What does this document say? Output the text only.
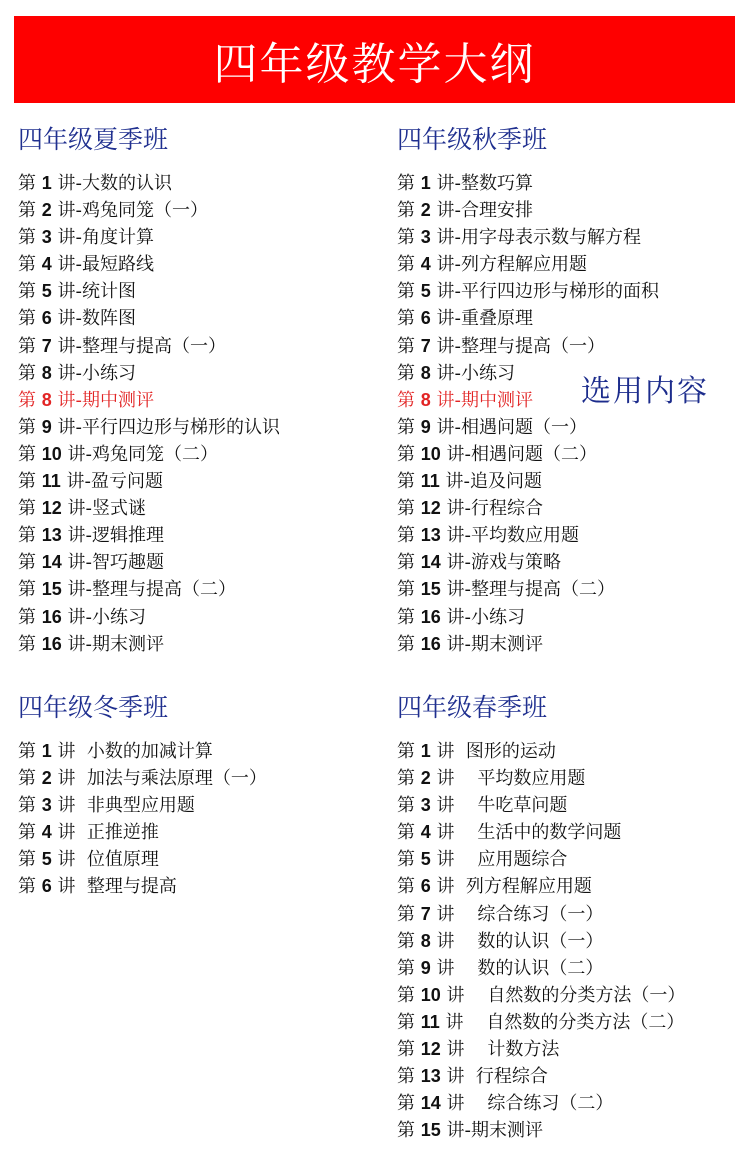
四年级教学大纲
四年级夏季班
第 1 讲-大数的认识
第 2 讲-鸡兔同笼（一）
第 3 讲-角度计算
第 4 讲-最短路线
第 5 讲-统计图
第 6 讲-数阵图
第 7 讲-整理与提高（一）
第 8 讲-小练习
第 8 讲-期中测评
第 9 讲-平行四边形与梯形的认识
第 10 讲-鸡兔同笼（二）
第 11 讲-盈亏问题
第 12 讲-竖式谜
第 13 讲-逻辑推理
第 14 讲-智巧趣题
第 15 讲-整理与提高（二）
第 16 讲-小练习
第 16 讲-期末测评
四年级秋季班
第 1 讲-整数巧算
第 2 讲-合理安排
第 3 讲-用字母表示数与解方程
第 4 讲-列方程解应用题
第 5 讲-平行四边形与梯形的面积
第 6 讲-重叠原理
第 7 讲-整理与提高（一）
第 8 讲-小练习
第 8 讲-期中测评
第 9 讲-相遇问题（一）
第 10 讲-相遇问题（二）
第 11 讲-追及问题
第 12 讲-行程综合
第 13 讲-平均数应用题
第 14 讲-游戏与策略
第 15 讲-整理与提高（二）
第 16 讲-小练习
第 16 讲-期末测评
四年级冬季班
第 1 讲  小数的加减计算
第 2 讲  加法与乘法原理（一）
第 3 讲  非典型应用题
第 4 讲  正推逆推
第 5 讲  位值原理
第 6 讲  整理与提高
四年级春季班
第 1 讲  图形的运动
第 2 讲    平均数应用题
第 3 讲    牛吃草问题
第 4 讲    生活中的数学问题
第 5 讲    应用题综合
第 6 讲  列方程解应用题
第 7 讲    综合练习（一）
第 8 讲    数的认识（一）
第 9 讲    数的认识（二）
第 10 讲    自然数的分类方法（一）
第 11 讲    自然数的分类方法（二）
第 12 讲    计数方法
第 13 讲  行程综合
第 14 讲    综合练习（二）
第 15 讲-期末测评
选用内容
